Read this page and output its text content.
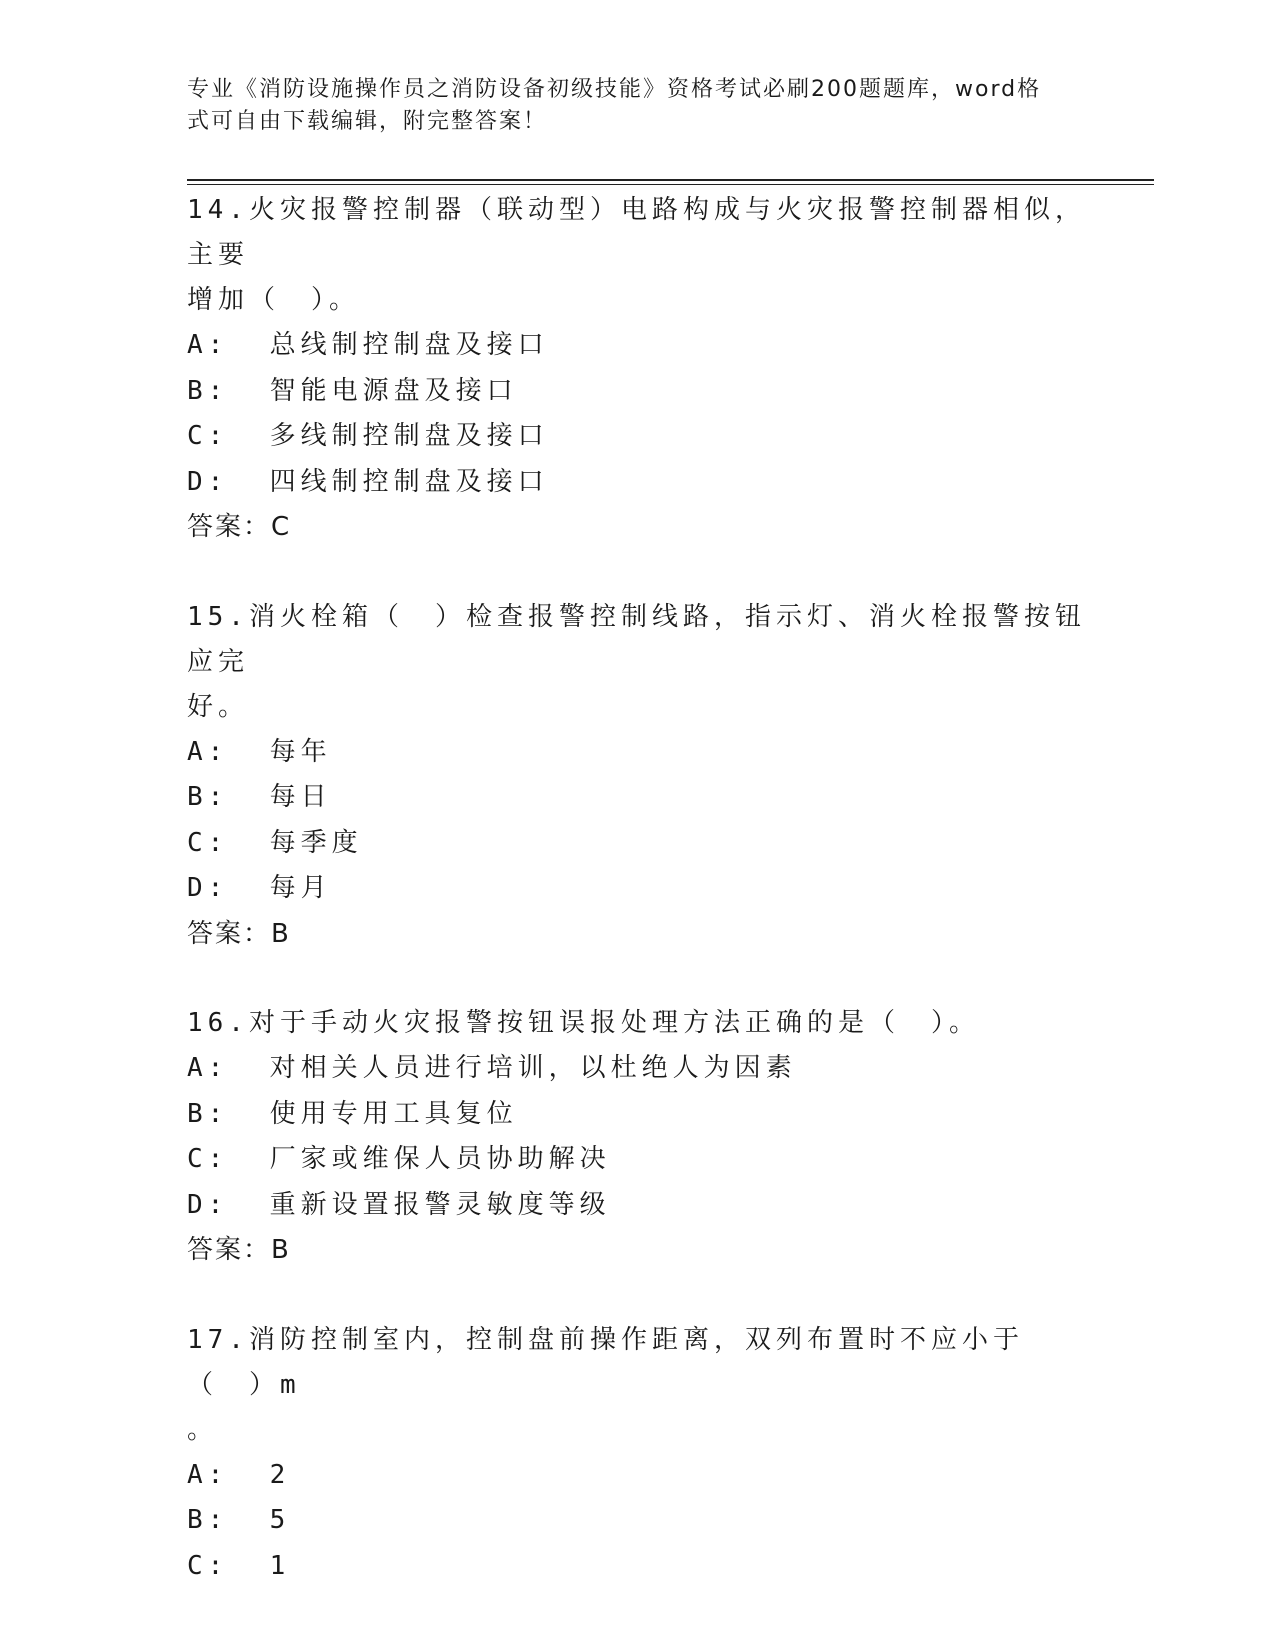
专业《消防设施操作员之消防设备初级技能》资格考试必刷200题题库，word格
式可自由下载编辑，附完整答案！

14.火灾报警控制器（联动型）电路构成与火灾报警控制器相似，主要
增加（　）。

A:  总线制控制盘及接口

B:  智能电源盘及接口

C:  多线制控制盘及接口

D:  四线制控制盘及接口

答案：C

15.消火栓箱（　）检查报警控制线路，指示灯、消火栓报警按钮应完
好。

A:  每年

B:  每日

C:  每季度

D:  每月

答案：B

16.对于手动火灾报警按钮误报处理方法正确的是（　）。

A:  对相关人员进行培训，以杜绝人为因素

B:  使用专用工具复位

C:  厂家或维保人员协助解决

D:  重新设置报警灵敏度等级

答案：B

17.消防控制室内，控制盘前操作距离，双列布置时不应小于（　）m
。

A:  2

B:  5

C:  1
